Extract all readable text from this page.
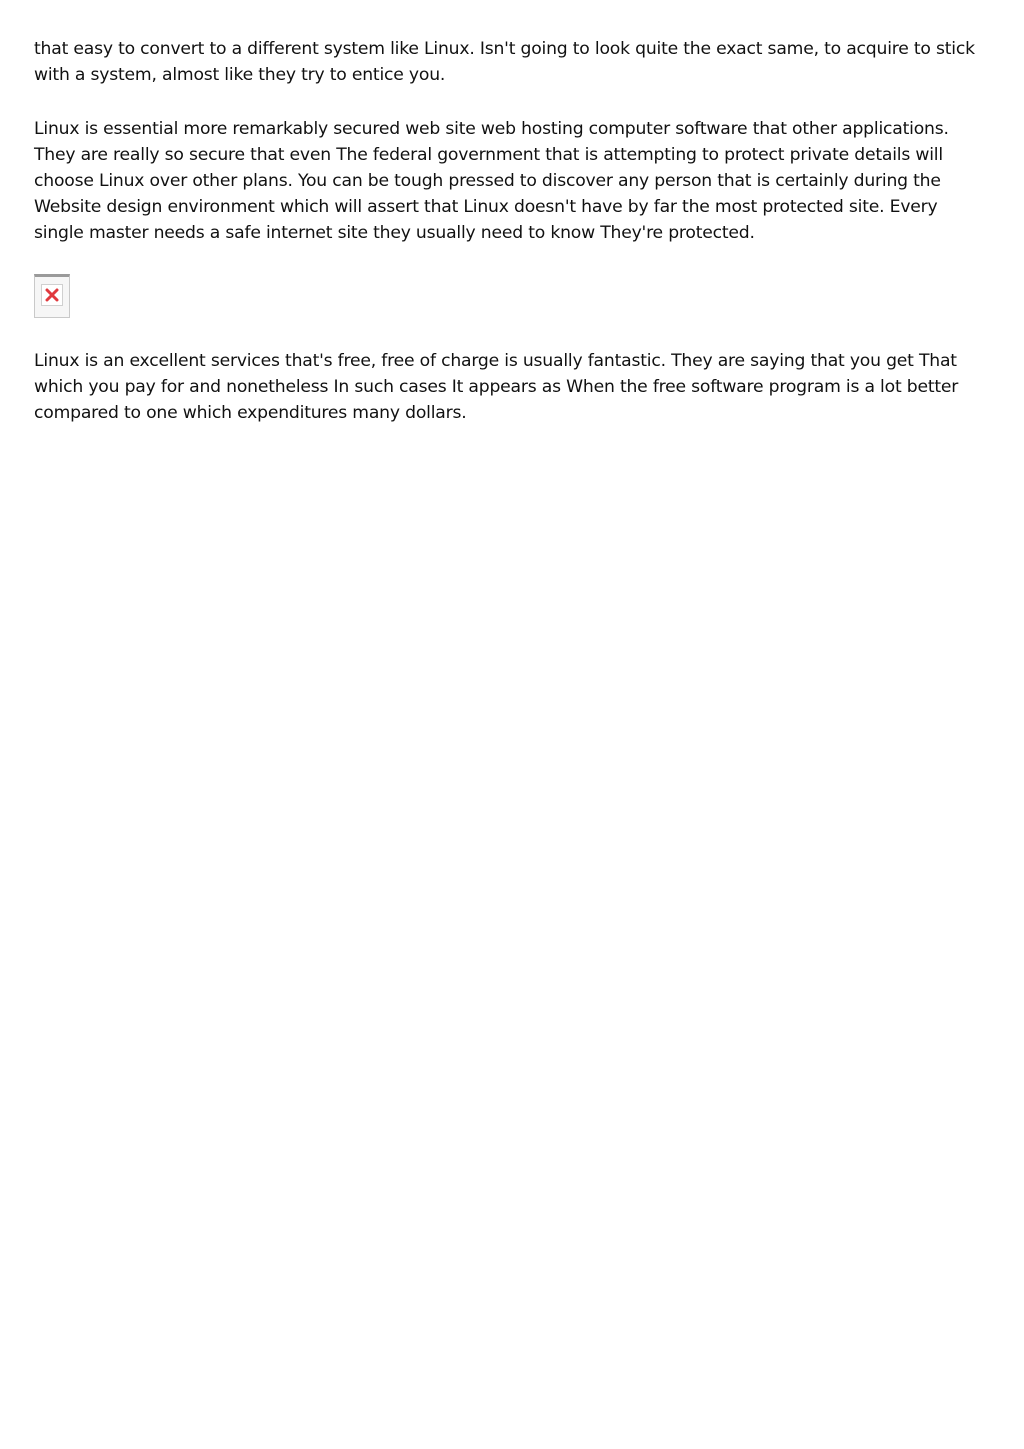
that easy to convert to a different system like Linux. Isn't going to look quite the exact same, to acquire to stick with a system, almost like they try to entice you.

Linux is essential more remarkably secured web site web hosting computer software that other applications. They are really so secure that even The federal government that is attempting to protect private details will choose Linux over other plans. You can be tough pressed to discover any person that is certainly during the Website design environment which will assert that Linux doesn't have by far the most protected site. Every single master needs a safe internet site they usually need to know They're protected.

Linux is an excellent services that's free, free of charge is usually fantastic. They are saying that you get That which you pay for and nonetheless In such cases It appears as When the free software program is a lot better compared to one which expenditures many dollars.
